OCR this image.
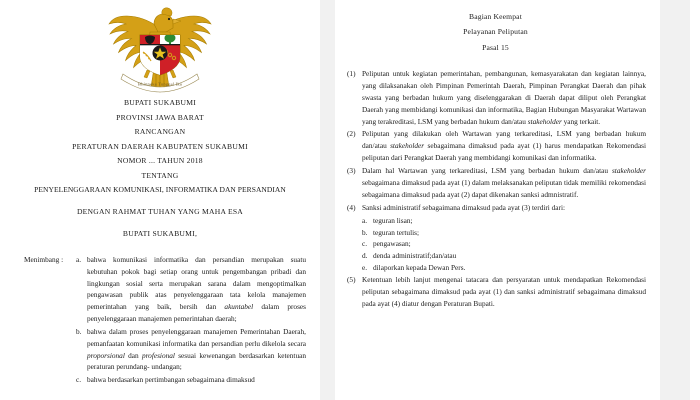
Bhinneka Tunggal Ika
BUPATI SUKABUMI
PROVINSI JAWA BARAT
RANCANGAN
PERATURAN DAERAH KABUPATEN SUKABUMI
NOMOR ... TAHUN 2018
TENTANG
PENYELENGGARAAN KOMUNIKASI, INFORMATIKA DAN PERSANDIAN
DENGAN RAHMAT TUHAN YANG MAHA ESA
BUPATI SUKABUMI,
Menimbang :	a. bahwa komunikasi informatika dan persandian merupakan suatu kebutuhan pokok bagi setiap orang untuk pengembangan pribadi dan lingkungan sosial serta merupakan sarana dalam mengoptimalkan pengawasan publik atas penyelenggaraan tata kelola manajemen pemerintahan yang baik, bersih dan akuntabel dalam proses penyelenggaraan manajemen pemerintahan daerah;
b. bahwa dalam proses penyelenggaraan manajemen Pemerintahan Daerah, pemanfaatan komunikasi informatika dan persandian perlu dikelola secara proporsional dan profesional sesuai kewenangan berdasarkan ketentuan peraturan perundang- undangan;
c. bahwa berdasarkan pertimbangan sebagaimana dimaksud
Bagian Keempat
Pelayanan Peliputan
Pasal 15
(1) Peliputan untuk kegiatan pemerintahan, pembangunan, kemasyarakatan dan kegiatan lainnya, yang dilaksanakan oleh Pimpinan Pemerintah Daerah, Pimpinan Perangkat Daerah dan pihak swasta yang berbadan hukum yang diselenggarakan di Daerah dapat diliput oleh Perangkat Daerah yang membidangi komunikasi dan informatika, Bagian Hubungan Masyarakat Wartawan yang terakreditasi, LSM yang berbadan hukum dan/atau stakeholder yang terkait.
(2) Peliputan yang dilakukan oleh Wartawan yang terkareditasi, LSM yang berbadan hukum dan/atau stakeholder sebagaimana dimaksud pada ayat (1) harus mendapatkan Rekomendasi peliputan dari Perangkat Daerah yang membidangi komunikasi dan informatika.
(3) Dalam hal Wartawan yang terkareditasi, LSM yang berbadan hukum dan/atau stakeholder sebagaimana dimaksud pada ayat (1) dalam melaksanakan peliputan tidak memiliki rekomendasi sebagaimana dimaksud pada ayat (2) dapat dikenakan sanksi admnistratif.
(4) Sanksi administratif sebagaimana dimaksud pada ayat (3) terdiri dari:
a. teguran lisan;
b. teguran tertulis;
c. pengawasan;
d. denda administratif;dan/atau
e. dilaporkan kepada Dewan Pers.
(5) Ketentuan lebih lanjut mengenai tatacara dan persyaratan untuk mendapatkan Rekomendasi peliputan sebagaimana dimaksud pada ayat (1) dan sanksi administratif sebagaimana dimaksud pada ayat (4) diatur dengan Peraturan Bupati.
